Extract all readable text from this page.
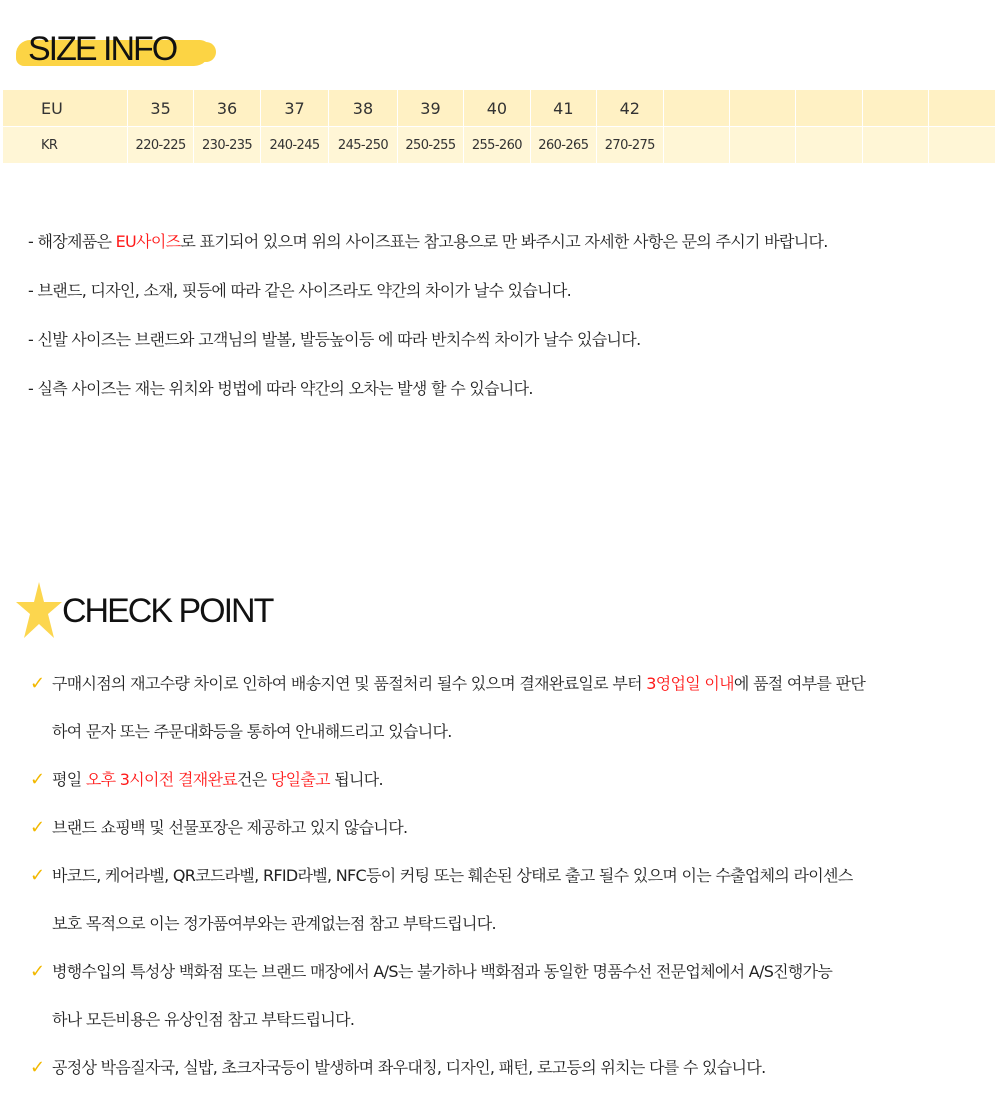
SIZE INFO
EU	35	36	37	38	39	40	41	42					
KR	220-225	230-235	240-245	245-250	250-255	255-260	260-265	270-275					
- 해장제품은 EU사이즈로 표기되어 있으며 위의 사이즈표는 참고용으로 만 봐주시고 자세한 사항은 문의 주시기 바랍니다.
- 브랜드, 디자인, 소재, 핏등에 따라 같은 사이즈라도 약간의 차이가 날수 있습니다.
- 신발 사이즈는 브랜드와 고객님의 발볼, 발등높이등 에 따라 반치수씩 차이가 날수 있습니다.
- 실측 사이즈는 재는 위치와 벙법에 따라 약간의 오차는 발생 할 수 있습니다.
CHECK POINT
✓ 구매시점의 재고수량 차이로 인하여 배송지연 및 품절처리 될수 있으며 결재완료일로 부터 3영업일 이내에 품절 여부를 판단
하여 문자 또는 주문대화등을 통하여 안내해드리고 있습니다.
✓ 평일 오후 3시이전 결재완료건은 당일출고 됩니다.
✓ 브랜드 쇼핑백 및 선물포장은 제공하고 있지 않습니다.
✓ 바코드, 케어라벨, QR코드라벨, RFID라벨, NFC등이 커팅 또는 훼손된 상태로 출고 될수 있으며 이는 수출업체의 라이센스
보호 목적으로 이는 정가품여부와는 관계없는점 참고 부탁드립니다.
✓ 병행수입의 특성상 백화점 또는 브랜드 매장에서 A/S는 불가하나 백화점과 동일한 명품수선 전문업체에서 A/S진행가능
하나 모든비용은 유상인점 참고 부탁드립니다.
✓ 공정상 박음질자국, 실밥, 초크자국등이 발생하며 좌우대칭, 디자인, 패턴, 로고등의 위치는 다를 수 있습니다.
